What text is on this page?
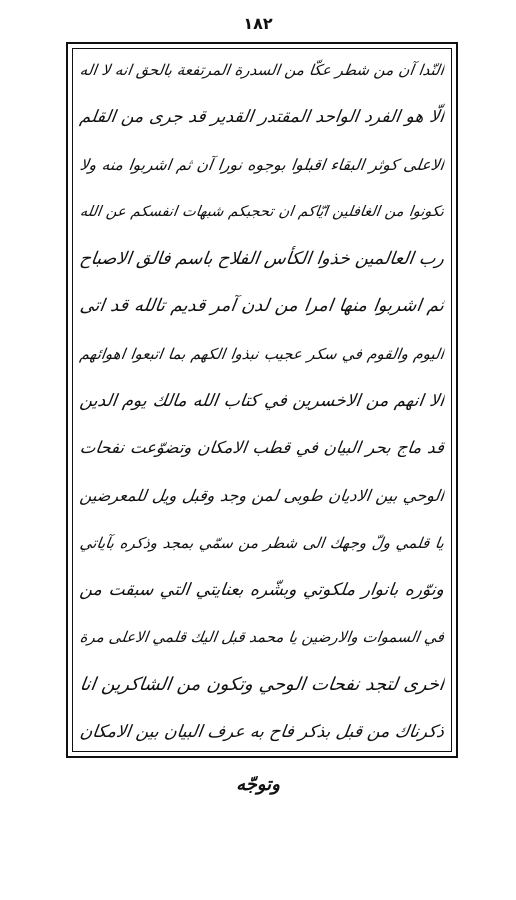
١٨٢
النّدا آن من شطر عكّا من السدرة المرتفعة بالحق انه لا اله
الّا هو الفرد الواحد المقتدر القدير قد جرى من القلم
الاعلى كوثر البقاء اقبلوا بوجوه نورا آن ثم اشربوا منه ولا
تكونوا من الغافلين ايّاكم ان تحجبكم شبهات انفسكم عن الله
رب العالمين خذوا الكأس الفلاح باسم فالق الاصباح
ثم اشربوا منها امرا من لدن آمر قديم تالله قد اتى
اليوم والقوم في سكر عجيب نبذوا الكهم بما اتبعوا اهوائهم
الا انهم من الاخسرين في كتاب الله مالك يوم الدين
قد ماج بحر البيان في قطب الامكان وتضوّعت نفحات
الوحي بين الاديان طوبى لمن وجد وقبل ويل للمعرضين
يا قلمي ولّ وجهك الى شطر من سمّي بمجد وذكره بآياتي
ونوّره بانوار ملكوتي وبشّره بعنايتي التي سبقت من
في السموات والارضين يا محمد قبل اليك قلمي الاعلى مرة
اخرى لتجد نفحات الوحي وتكون من الشاكرين انا
ذكرناك من قبل بذكر فاح به عرف البيان بين الامكان
وتوجّه
